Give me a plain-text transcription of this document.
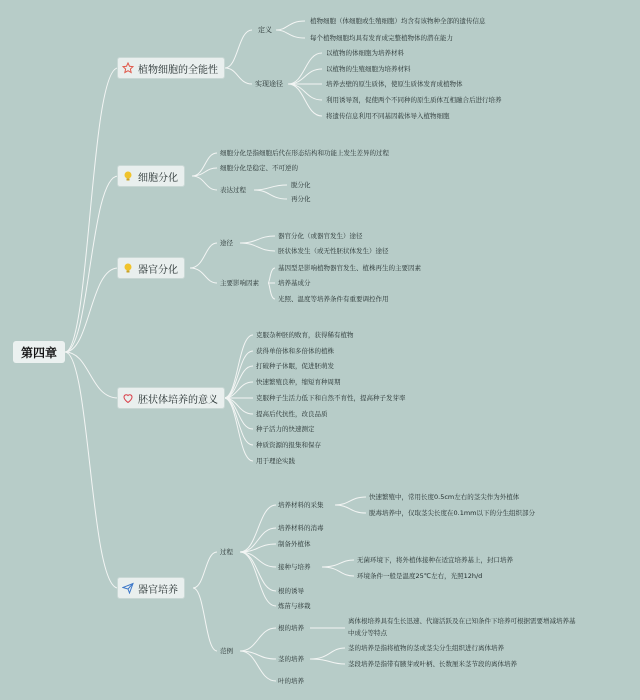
第四章
植物细胞的全能性
定义
植物细胞（体细胞或生殖细胞）均含有该物种全部的遗传信息
每个植物细胞均具有发育成完整植物体的潜在能力
实现途径
以植物的体细胞为培养材料
以植物的生殖细胞为培养材料
培养去壁的原生质体，使原生质体发育成植物体
利用诱导剂，促使两个不同种的原生质体互相融合后进行培养
将遗传信息利用不同基因载体导入植物细胞
细胞分化
细胞分化是指细胞后代在形态结构和功能上发生差异的过程
细胞分化是稳定、不可逆的
表达过程
脱分化
再分化
器官分化
途径
器官分化（或器官发生）途径
胚状体发生（或无性胚状体发生）途径
主要影响因素
基因型是影响植物器官发生、植株再生的主要因素
培养基成分
光照、温度等培养条件有重要调控作用
胚状体培养的意义
克服杂种胚的败育，获得稀有植物
获得单倍体和多倍体的植株
打破种子休眠，促进胚萌发
快速繁殖良种，缩短育种周期
克服种子生活力低下和自然不育性，提高种子发芽率
提高后代抗性，改良品质
种子活力的快速测定
种质资源的报集和保存
用于理论实践
器官培养
过程
培养材料的采集
快速繁殖中，常用长度0.5cm左右的茎尖作为外植体
脱毒培养中，仅取茎尖长度在0.1mm以下的分生组织部分
培养材料的消毒
制备外植体
接种与培养
无菌环境下，将外植体接种在适宜培养基上，封口培养
环境条件一般是温度25℃左右，光照12h/d
根的诱导
炼苗与移栽
范例
根的培养
离体根培养具有生长迅速、代谢活跃及在已知条件下培养可根据需要增减培养基
中成分等特点
茎的培养
茎的培养是指将植物的茎或茎尖分生组织进行离体培养
茎段培养是指带有腋芽或叶柄、长数厘米茎节段的离体培养
叶的培养
